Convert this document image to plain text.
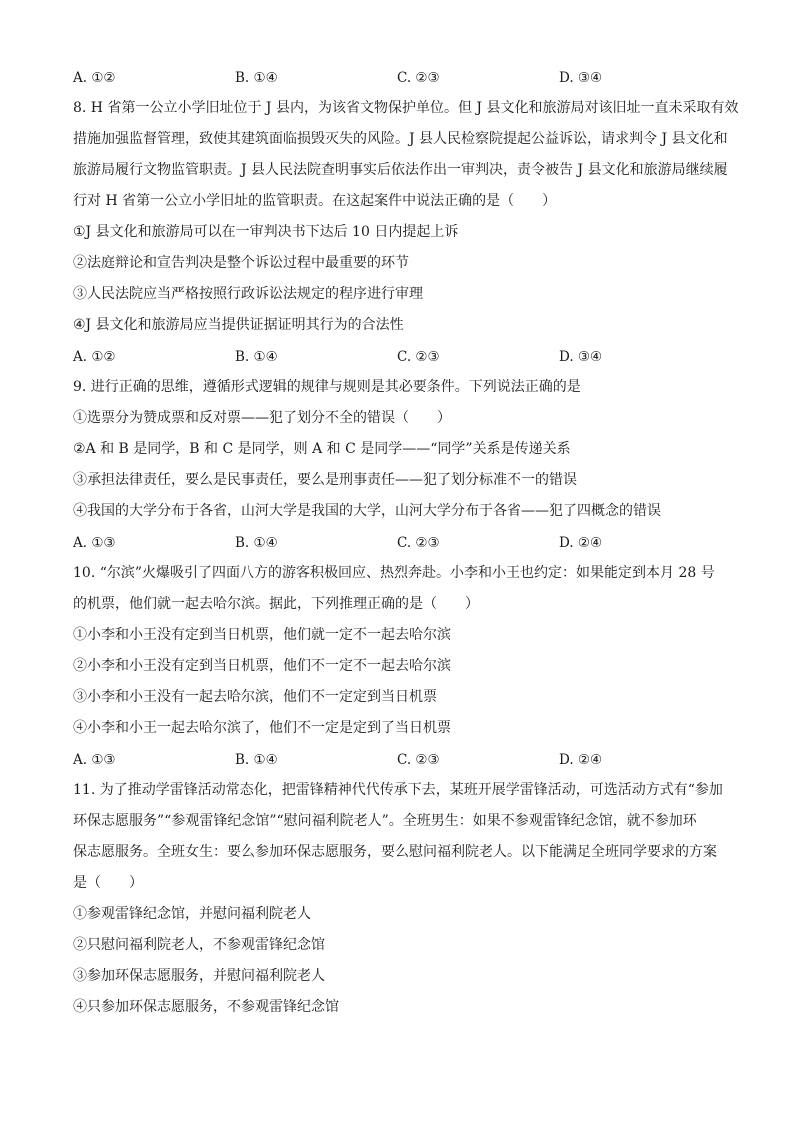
A. ①②	B. ①④	C. ②③	D. ③④
8. H 省第一公立小学旧址位于 J 县内，为该省文物保护单位。但 J 县文化和旅游局对该旧址一直未采取有效
措施加强监督管理，致使其建筑面临损毁灭失的风险。J 县人民检察院提起公益诉讼，请求判令 J 县文化和
旅游局履行文物监管职责。J 县人民法院查明事实后依法作出一审判决，责令被告 J 县文化和旅游局继续履
行对 H 省第一公立小学旧址的监管职责。在这起案件中说法正确的是（　　）
①J 县文化和旅游局可以在一审判决书下达后 10 日内提起上诉
②法庭辩论和宣告判决是整个诉讼过程中最重要的环节
③人民法院应当严格按照行政诉讼法规定的程序进行审理
④J 县文化和旅游局应当提供证据证明其行为的合法性
A. ①②	B. ①④	C. ②③	D. ③④
9. 进行正确的思维，遵循形式逻辑的规律与规则是其必要条件。下列说法正确的是
①选票分为赞成票和反对票——犯了划分不全的错误（　　）
②A 和 B 是同学，B 和 C 是同学，则 A 和 C 是同学——“同学”关系是传递关系
③承担法律责任，要么是民事责任，要么是刑事责任——犯了划分标准不一的错误
④我国的大学分布于各省，山河大学是我国的大学，山河大学分布于各省——犯了四概念的错误
A. ①③	B. ①④	C. ②③	D. ②④
10. “尔滨”火爆吸引了四面八方的游客积极回应、热烈奔赴。小李和小王也约定：如果能定到本月 28 号
的机票，他们就一起去哈尔滨。据此，下列推理正确的是（　　）
①小李和小王没有定到当日机票，他们就一定不一起去哈尔滨
②小李和小王没有定到当日机票，他们不一定不一起去哈尔滨
③小李和小王没有一起去哈尔滨，他们不一定定到当日机票
④小李和小王一起去哈尔滨了，他们不一定是定到了当日机票
A. ①③	B. ①④	C. ②③	D. ②④
11. 为了推动学雷锋活动常态化，把雷锋精神代代传承下去，某班开展学雷锋活动，可选活动方式有“参加
环保志愿服务”“参观雷锋纪念馆”“慰问福利院老人”。全班男生：如果不参观雷锋纪念馆，就不参加环
保志愿服务。全班女生：要么参加环保志愿服务，要么慰问福利院老人。以下能满足全班同学要求的方案
是（　　）
①参观雷锋纪念馆，并慰问福利院老人
②只慰问福利院老人，不参观雷锋纪念馆
③参加环保志愿服务，并慰问福利院老人
④只参加环保志愿服务，不参观雷锋纪念馆
